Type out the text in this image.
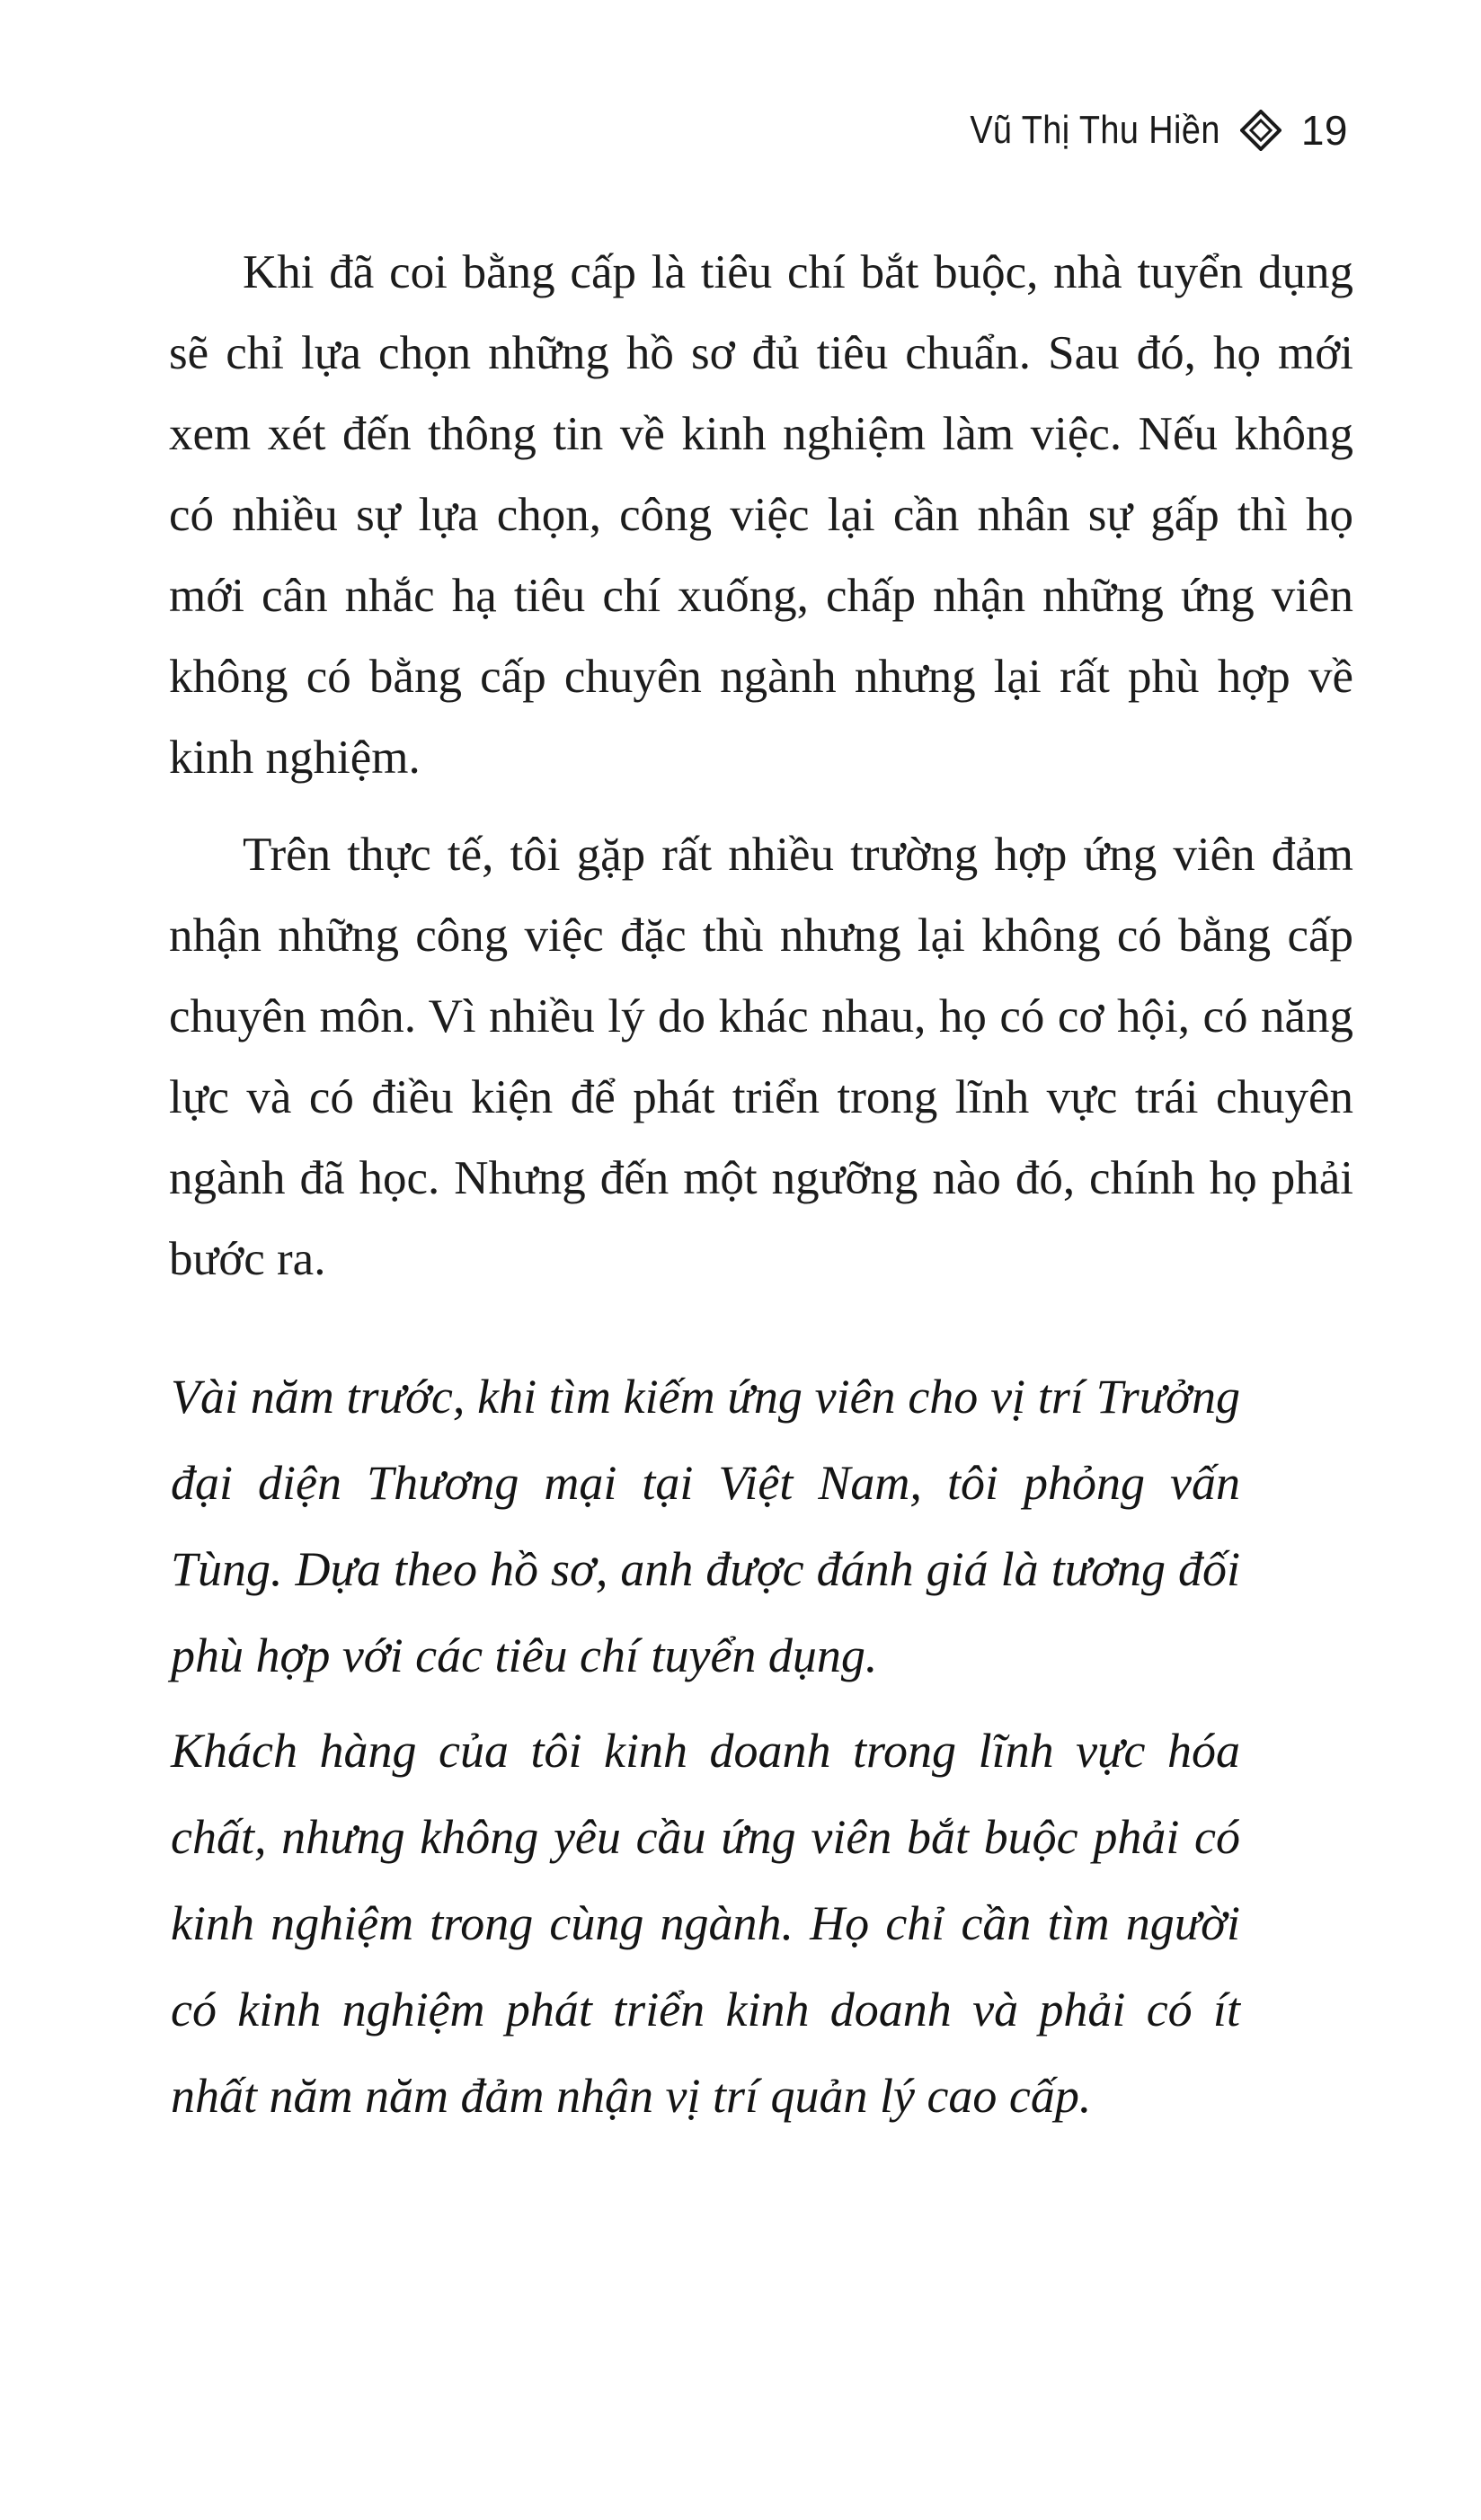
Vũ Thị Thu Hiền 19

Khi đã coi bằng cấp là tiêu chí bắt buộc, nhà tuyển dụng sẽ chỉ lựa chọn những hồ sơ đủ tiêu chuẩn. Sau đó, họ mới xem xét đến thông tin về kinh nghiệm làm việc. Nếu không có nhiều sự lựa chọn, công việc lại cần nhân sự gấp thì họ mới cân nhắc hạ tiêu chí xuống, chấp nhận những ứng viên không có bằng cấp chuyên ngành nhưng lại rất phù hợp về kinh nghiệm.

Trên thực tế, tôi gặp rất nhiều trường hợp ứng viên đảm nhận những công việc đặc thù nhưng lại không có bằng cấp chuyên môn. Vì nhiều lý do khác nhau, họ có cơ hội, có năng lực và có điều kiện để phát triển trong lĩnh vực trái chuyên ngành đã học. Nhưng đến một ngưỡng nào đó, chính họ phải bước ra.

Vài năm trước, khi tìm kiếm ứng viên cho vị trí Trưởng đại diện Thương mại tại Việt Nam, tôi phỏng vấn Tùng. Dựa theo hồ sơ, anh được đánh giá là tương đối phù hợp với các tiêu chí tuyển dụng.

Khách hàng của tôi kinh doanh trong lĩnh vực hóa chất, nhưng không yêu cầu ứng viên bắt buộc phải có kinh nghiệm trong cùng ngành. Họ chỉ cần tìm người có kinh nghiệm phát triển kinh doanh và phải có ít nhất năm năm đảm nhận vị trí quản lý cao cấp.
